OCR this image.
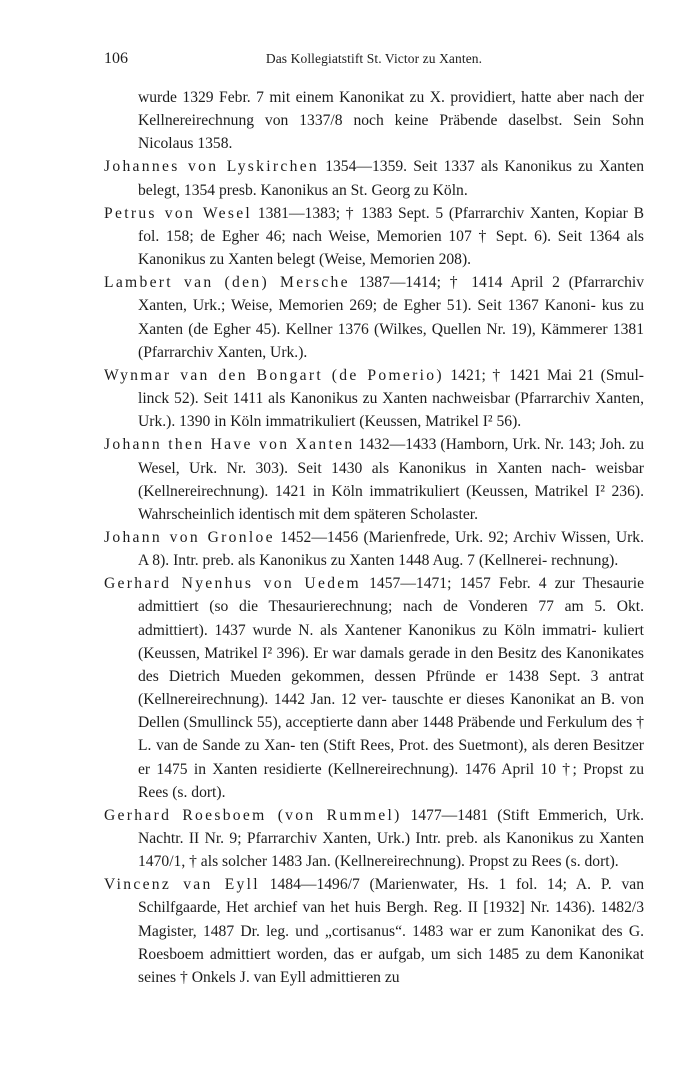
106	Das Kollegiatstift St. Victor zu Xanten.

wurde 1329 Febr. 7 mit einem Kanonikat zu X. providiert, hatte aber nach der Kellnereirechnung von 1337/8 noch keine Präbende daselbst. Sein Sohn Nicolaus 1358.

Johannes von Lyskirchen 1354—1359. Seit 1337 als Kanonikus zu Xanten belegt, 1354 presb. Kanonikus an St. Georg zu Köln.

Petrus von Wesel 1381—1383; † 1383 Sept. 5 (Pfarrarchiv Xanten, Kopiar B fol. 158; de Egher 46; nach Weise, Memorien 107 † Sept. 6). Seit 1364 als Kanonikus zu Xanten belegt (Weise, Memorien 208).

Lambert van (den) Mersche 1387—1414; † 1414 April 2 (Pfarrarchiv Xanten, Urk.; Weise, Memorien 269; de Egher 51). Seit 1367 Kanoni- kus zu Xanten (de Egher 45). Kellner 1376 (Wilkes, Quellen Nr. 19), Kämmerer 1381 (Pfarrarchiv Xanten, Urk.).

Wynmar van den Bongart (de Pomerio) 1421; † 1421 Mai 21 (Smul- linck 52). Seit 1411 als Kanonikus zu Xanten nachweisbar (Pfarrarchiv Xanten, Urk.). 1390 in Köln immatrikuliert (Keussen, Matrikel I² 56).

Johann then Have von Xanten 1432—1433 (Hamborn, Urk. Nr. 143; Joh. zu Wesel, Urk. Nr. 303). Seit 1430 als Kanonikus in Xanten nach- weisbar (Kellnereirechnung). 1421 in Köln immatrikuliert (Keussen, Matrikel I² 236). Wahrscheinlich identisch mit dem späteren Scholaster.

Johann von Gronloe 1452—1456 (Marienfrede, Urk. 92; Archiv Wissen, Urk. A 8). Intr. preb. als Kanonikus zu Xanten 1448 Aug. 7 (Kellnerei- rechnung).

Gerhard Nyenhus von Uedem 1457—1471; 1457 Febr. 4 zur Thesaurie admittiert (so die Thesaurierechnung; nach de Vonderen 77 am 5. Okt. admittiert). 1437 wurde N. als Xantener Kanonikus zu Köln immatri- kuliert (Keussen, Matrikel I² 396). Er war damals gerade in den Besitz des Kanonikates des Dietrich Mueden gekommen, dessen Pfründe er 1438 Sept. 3 antrat (Kellnereirechnung). 1442 Jan. 12 ver- tauschte er dieses Kanonikat an B. von Dellen (Smullinck 55), acceptierte dann aber 1448 Präbende und Ferkulum des † L. van de Sande zu Xan- ten (Stift Rees, Prot. des Suetmont), als deren Besitzer er 1475 in Xanten residierte (Kellnereirechnung). 1476 April 10 †; Propst zu Rees (s. dort).

Gerhard Roesboem (von Rummel) 1477—1481 (Stift Emmerich, Urk. Nachtr. II Nr. 9; Pfarrarchiv Xanten, Urk.) Intr. preb. als Kanonikus zu Xanten 1470/1, † als solcher 1483 Jan. (Kellnereirechnung). Propst zu Rees (s. dort).

Vincenz van Eyll 1484—1496/7 (Marienwater, Hs. 1 fol. 14; A. P. van Schilfgaarde, Het archief van het huis Bergh. Reg. II [1932] Nr. 1436). 1482/3 Magister, 1487 Dr. leg. und „cortisanus“. 1483 war er zum Kanonikat des G. Roesboem admittiert worden, das er aufgab, um sich 1485 zu dem Kanonikat seines † Onkels J. van Eyll admittieren zu
